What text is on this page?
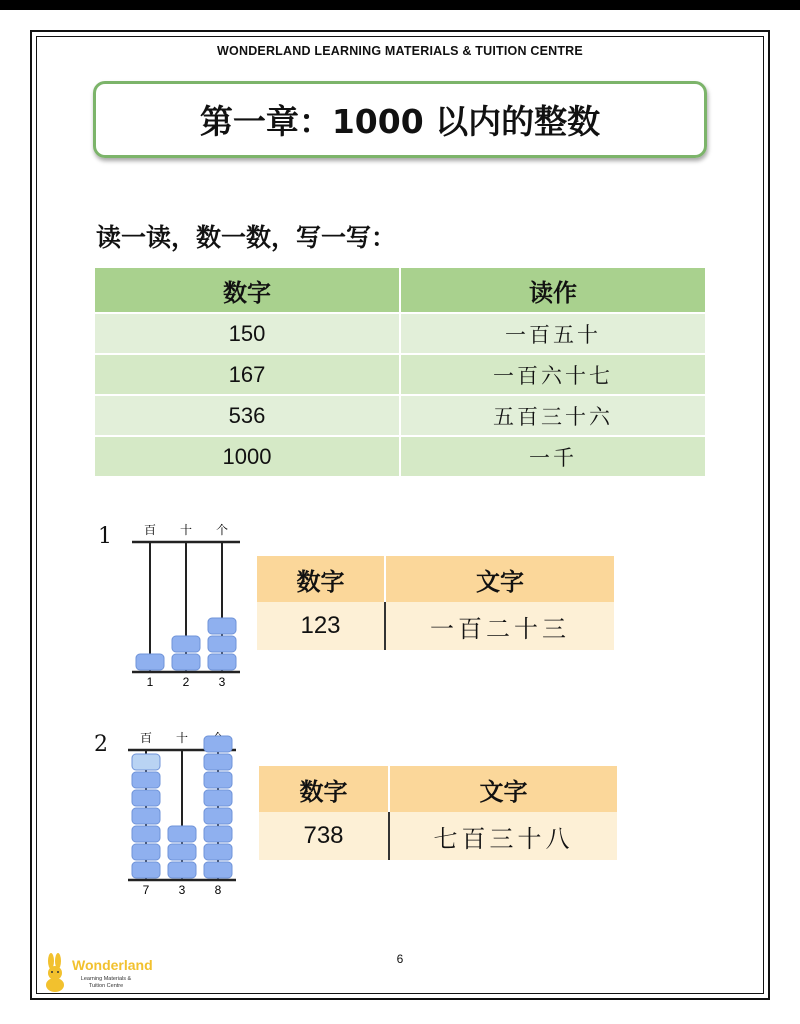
WONDERLAND LEARNING MATERIALS & TUITION CENTRE
第一章：1000 以内的整数
读一读，数一数，写一写：
数字	读作
150	一百五十
167	一百六十七
536	五百三十六
1000	一千
1	百
1
十
2
个
3
数字	文字
123	一百二十三
2	百
7
十
3 8
数字	文字
738	七百三十八
6
Wonderland
Learning Materials & Tuition Centre
